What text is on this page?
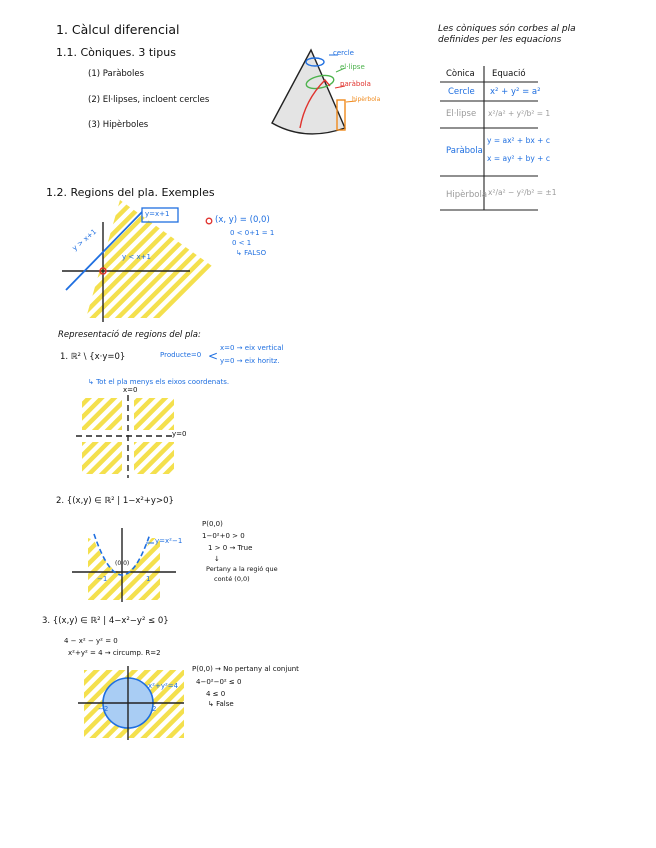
1. Càlcul diferencial
1.1. Còniques. 3 tipus
(1) Paràboles
(2) El·lipses, incloent cercles
(3) Hipèrboles
cercle
el·lipse
paràbola
hipèrbola
Les còniques són corbes al pla
definides per les equacions
Cònica Equació
Cercle x² + y² = a²
El·lipse x²/a² + y²/b² = 1
Paràbola
y = ax² + bx + c
x = ay² + by + c
Hipèrbola x²/a² − y²/b² = ±1
1.2. Regions del pla. Exemples
y=x+1
y > x+1
y < x+1
(x, y) = (0,0)
0 < 0+1 = 1
0 < 1
↳ FALSO
Representació de regions del pla:
1. ℝ² \ {x·y=0}	Producte=0 <
x=0 → eix vertical
y=0 → eix horitz.
↳ Tot el pla menys els eixos coordenats.
x=0
y=0
2. {(x,y) ∈ ℝ² | 1−x²+y>0}
y=x²−1
(0,0)
−1	1
P(0,0)
1−0²+0 > 0
1 > 0 → True
↓
Pertany a la regió que
conté (0,0)
3. {(x,y) ∈ ℝ² | 4−x²−y² ≤ 0}
4 − x² − y² = 0
x²+y² = 4 → circump. R=2
x²+y²=4
−2	2
P(0,0) → No pertany al conjunt
4−0²−0² ≤ 0
4 ≤ 0
↳ False
